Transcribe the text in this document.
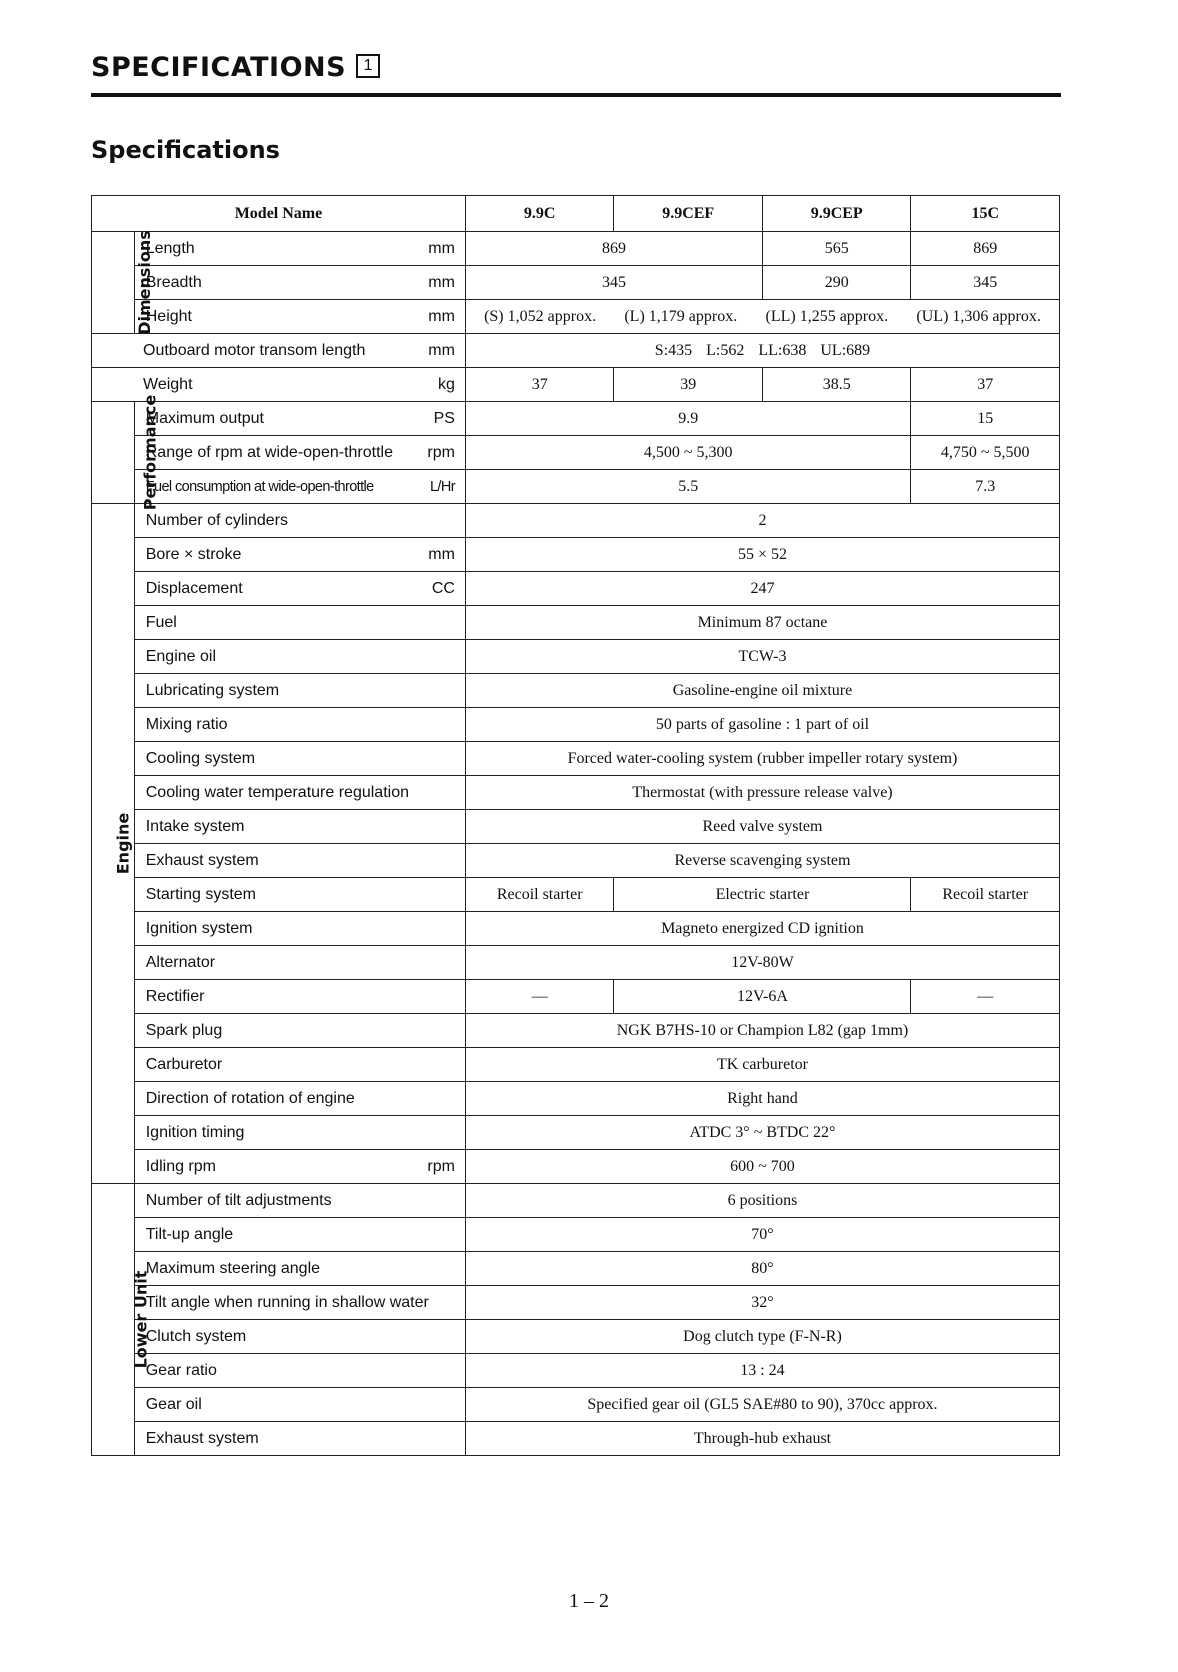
SPECIFICATIONS 1
Specifications
Model Name		9.9C	9.9CEF	9.9CEP	15C
Dimensions	Length mm	869		565	869

	Breadth mm	345		290	345

	Height mm	(S) 1,052 approx. (L) 1,179 approx. (LL) 1,255 approx. (UL) 1,306 approx.			

Outboard motor transom length mm		S:435 L:562 LL:638 UL:689			

Weight kg		37	39	38.5	37
Performance	Maximum output PS	9.9			15

	Range of rpm at wide-open-throttle rpm	4,500 ~ 5,300			4,750 ~ 5,500

	Fuel consumption at wide-open-throttle L/Hr	5.5			7.3
Engine	Number of cylinders	2			

	Bore × stroke mm	55 × 52			

	Displacement CC	247			

	Fuel	Minimum 87 octane			

	Engine oil	TCW-3			

	Lubricating system	Gasoline-engine oil mixture			

	Mixing ratio	50 parts of gasoline : 1 part of oil			

	Cooling system	Forced water-cooling system (rubber impeller rotary system)			

	Cooling water temperature regulation	Thermostat (with pressure release valve)			

	Intake system	Reed valve system			

	Exhaust system	Reverse scavenging system			

	Starting system	Recoil starter	Electric starter		Recoil starter

	Ignition system	Magneto energized CD ignition			

	Alternator	12V-80W			

	Rectifier	—	12V-6A		—

	Spark plug	NGK B7HS-10 or Champion L82 (gap 1mm)			

	Carburetor	TK carburetor			

	Direction of rotation of engine	Right hand			

	Ignition timing	ATDC 3° ~ BTDC 22°			

	Idling rpm rpm	600 ~ 700			
Lower Unit	Number of tilt adjustments	6 positions			

	Tilt-up angle	70°			

	Maximum steering angle	80°			

	Tilt angle when running in shallow water	32°			

	Clutch system	Dog clutch type (F-N-R)			

	Gear ratio	13 : 24			

	Gear oil	Specified gear oil (GL5 SAE#80 to 90), 370cc approx.			

	Exhaust system	Through-hub exhaust			
1 – 2
